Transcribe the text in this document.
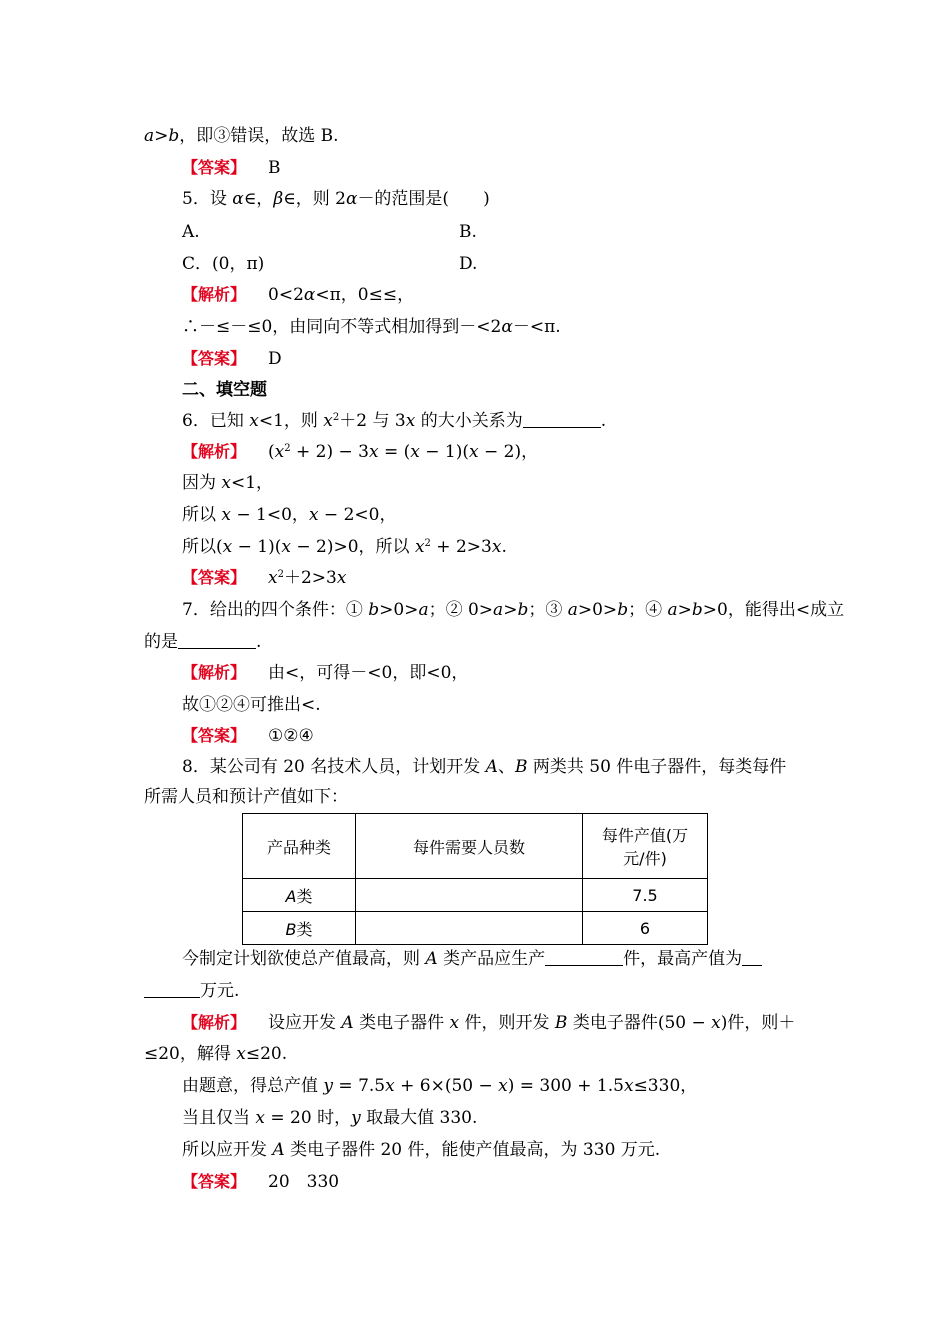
a>b，即③错误，故选 B.
【答案】 B
5．设 α∈，β∈，则 2α－的范围是(　　)
A.	B.
C．(0，π)	D.
【解析】 0<2α<π，0≤≤，
∴－≤－≤0，由同向不等式相加得到－<2α－<π.
【答案】 D
二、填空题
6．已知 x<1，则 $x^2+2$ 与 3x 的大小关系为	.
【解析】 $(x^2 + 2) - 3x = (x - 1)(x - 2)$，
因为 x<1，
所以 x − 1<0，x − 2<0，
所以(x − 1)(x − 2)>0，所以 $x^2 + 2>3x$.
【答案】 $x^2+2>3x$
7．给出的四个条件：① b>0>a；② 0>a>b；③ a>0>b；④ a>b>0，能得出<成立
的是	.
【解析】 由<，可得－<0，即<0，
故①②④可推出<.
【答案】 ①②④
8．某公司有 20 名技术人员，计划开发 A、B 两类共 50 件电子器件，每类每件
所需人员和预计产值如下：
产品种类	每件需要人员数	每件产值(万
元/件)
A类		7.5
B类		6
今制定计划欲使总产值最高，则 A 类产品应生产	件，最高产值为
万元.
【解析】 设应开发 A 类电子器件 x 件，则开发 B 类电子器件(50 − x)件，则＋
≤20，解得 x≤20.
由题意，得总产值 y = 7.5x + 6×(50 − x) = 300 + 1.5x≤330，
当且仅当 x = 20 时，y 取最大值 330.
所以应开发 A 类电子器件 20 件，能使产值最高，为 330 万元.
【答案】 20　330
